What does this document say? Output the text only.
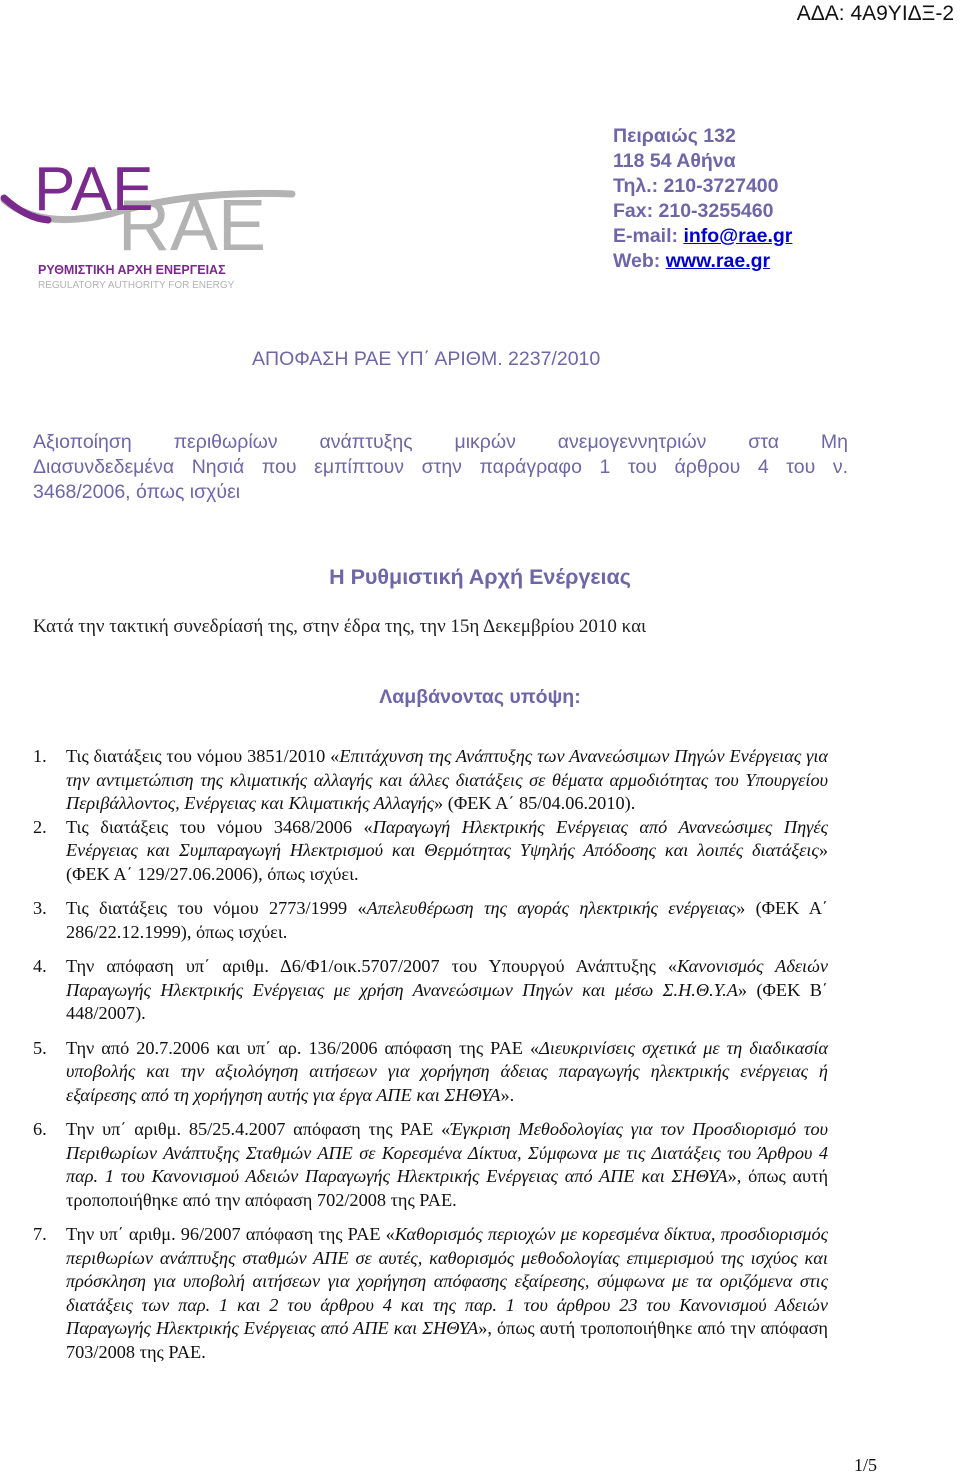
ΑΔΑ: 4Α9ΥΙΔΞ-2
RAE
ΡΑΕ
ΡΥΘΜΙΣΤΙΚΗ ΑΡΧΗ ΕΝΕΡΓΕΙΑΣ
REGULATORY AUTHORITY FOR ENERGY
Πειραιώς 132
118 54 Αθήνα
Τηλ.: 210-3727400
Fax: 210-3255460
E-mail: info@rae.gr
Web: www.rae.gr
ΑΠΟΦΑΣΗ ΡΑΕ ΥΠ΄ ΑΡΙΘΜ. 2237/2010
Αξιοποίηση περιθωρίων ανάπτυξης μικρών ανεμογεννητριών στα Μη
Διασυνδεδεμένα Νησιά που εμπίπτουν στην παράγραφο 1 του άρθρου 4 του ν.
3468/2006, όπως ισχύει
Η Ρυθμιστική Αρχή Ενέργειας
Κατά την τακτική συνεδρίασή της, στην έδρα της, την 15η Δεκεμβρίου 2010 και
Λαμβάνοντας υπόψη:
1. Τις διατάξεις του νόμου 3851/2010 «Επιτάχυνση της Ανάπτυξης των Ανανεώσιμων Πηγών Ενέργειας για την αντιμετώπιση της κλιματικής αλλαγής και άλλες διατάξεις σε θέματα αρμοδιότητας του Υπουργείου Περιβάλλοντος, Ενέργειας και Κλιματικής Αλλαγής» (ΦΕΚ Α΄ 85/04.06.2010).
2. Τις διατάξεις του νόμου 3468/2006 «Παραγωγή Ηλεκτρικής Ενέργειας από Ανανεώσιμες Πηγές Ενέργειας και Συμπαραγωγή Ηλεκτρισμού και Θερμότητας Υψηλής Απόδοσης και λοιπές διατάξεις» (ΦΕΚ Α΄ 129/27.06.2006), όπως ισχύει.
3. Τις διατάξεις του νόμου 2773/1999 «Απελευθέρωση της αγοράς ηλεκτρικής ενέργειας» (ΦΕΚ Α΄ 286/22.12.1999), όπως ισχύει.
4. Την απόφαση υπ΄ αριθμ. Δ6/Φ1/οικ.5707/2007 του Υπουργού Ανάπτυξης «Κανονισμός Αδειών Παραγωγής Ηλεκτρικής Ενέργειας με χρήση Ανανεώσιμων Πηγών και μέσω Σ.Η.Θ.Υ.Α» (ΦΕΚ Β΄ 448/2007).
5. Την από 20.7.2006 και υπ΄ αρ. 136/2006 απόφαση της ΡΑΕ «Διευκρινίσεις σχετικά με τη διαδικασία υποβολής και την αξιολόγηση αιτήσεων για χορήγηση άδειας παραγωγής ηλεκτρικής ενέργειας ή εξαίρεσης από τη χορήγηση αυτής για έργα ΑΠΕ και ΣΗΘΥΑ».
6. Την υπ΄ αριθμ. 85/25.4.2007 απόφαση της ΡΑΕ «Έγκριση Μεθοδολογίας για τον Προσδιορισμό του Περιθωρίων Ανάπτυξης Σταθμών ΑΠΕ σε Κορεσμένα Δίκτυα, Σύμφωνα με τις Διατάξεις του Άρθρου 4 παρ. 1 του Κανονισμού Αδειών Παραγωγής Ηλεκτρικής Ενέργειας από ΑΠΕ και ΣΗΘΥΑ», όπως αυτή τροποποιήθηκε από την απόφαση 702/2008 της ΡΑΕ.
7. Την υπ΄ αριθμ. 96/2007 απόφαση της ΡΑΕ «Καθορισμός περιοχών με κορεσμένα δίκτυα, προσδιορισμός περιθωρίων ανάπτυξης σταθμών ΑΠΕ σε αυτές, καθορισμός μεθοδολογίας επιμερισμού της ισχύος και πρόσκληση για υποβολή αιτήσεων για χορήγηση απόφασης εξαίρεσης, σύμφωνα με τα οριζόμενα στις διατάξεις των παρ. 1 και 2 του άρθρου 4 και της παρ. 1 του άρθρου 23 του Κανονισμού Αδειών Παραγωγής Ηλεκτρικής Ενέργειας από ΑΠΕ και ΣΗΘΥΑ», όπως αυτή τροποποιήθηκε από την απόφαση 703/2008 της ΡΑΕ.
1/5
